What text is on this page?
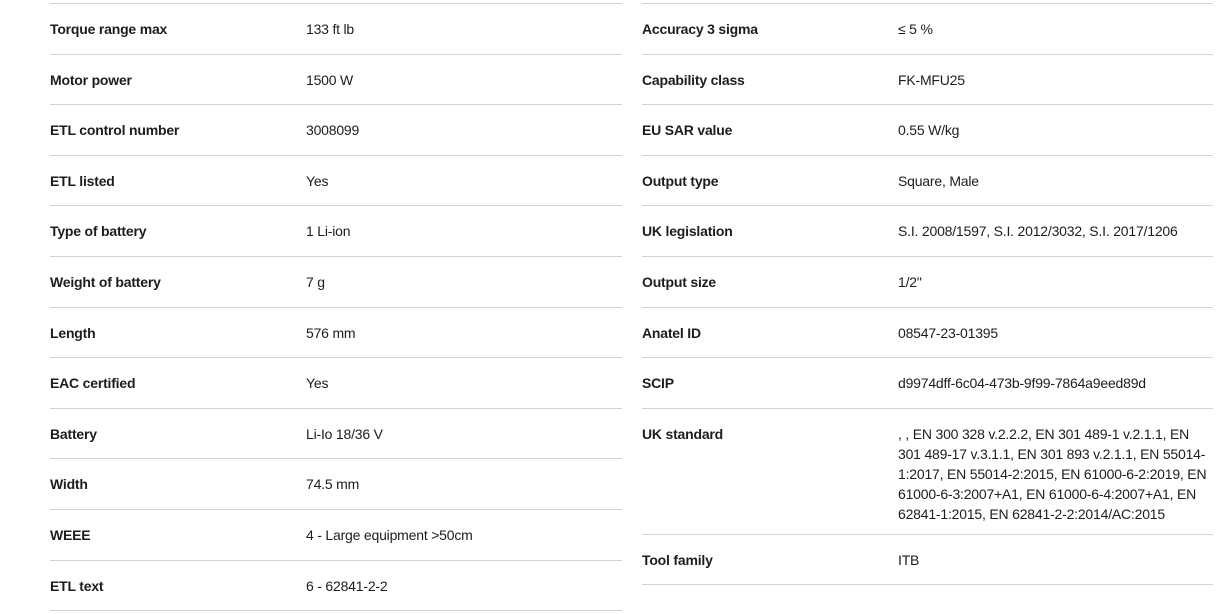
Torque range max	133 ft lb
Motor power	1500 W
ETL control number	3008099
ETL listed	Yes
Type of battery	1 Li-ion
Weight of battery	7 g
Length	576 mm
EAC certified	Yes
Battery	Li-Io 18/36 V
Width	74.5 mm
WEEE	4 - Large equipment >50cm
ETL text	6 - 62841-2-2
Accuracy 3 sigma	≤ 5 %
Capability class	FK-MFU25
EU SAR value	0.55 W/kg
Output type	Square, Male
UK legislation	S.I. 2008/1597, S.I. 2012/3032, S.I. 2017/1206
Output size	1/2"
Anatel ID	08547-23-01395
SCIP	d9974dff-6c04-473b-9f99-7864a9eed89d
UK standard	, , EN 300 328 v.2.2.2, EN 301 489-1 v.2.1.1, EN 301 489-17 v.3.1.1, EN 301 893 v.2.1.1, EN 55014-1:2017, EN 55014-2:2015, EN 61000-6-2:2019, EN 61000-6-3:2007+A1, EN 61000-6-4:2007+A1, EN 62841-1:2015, EN 62841-2-2:2014/AC:2015
Tool family	ITB
